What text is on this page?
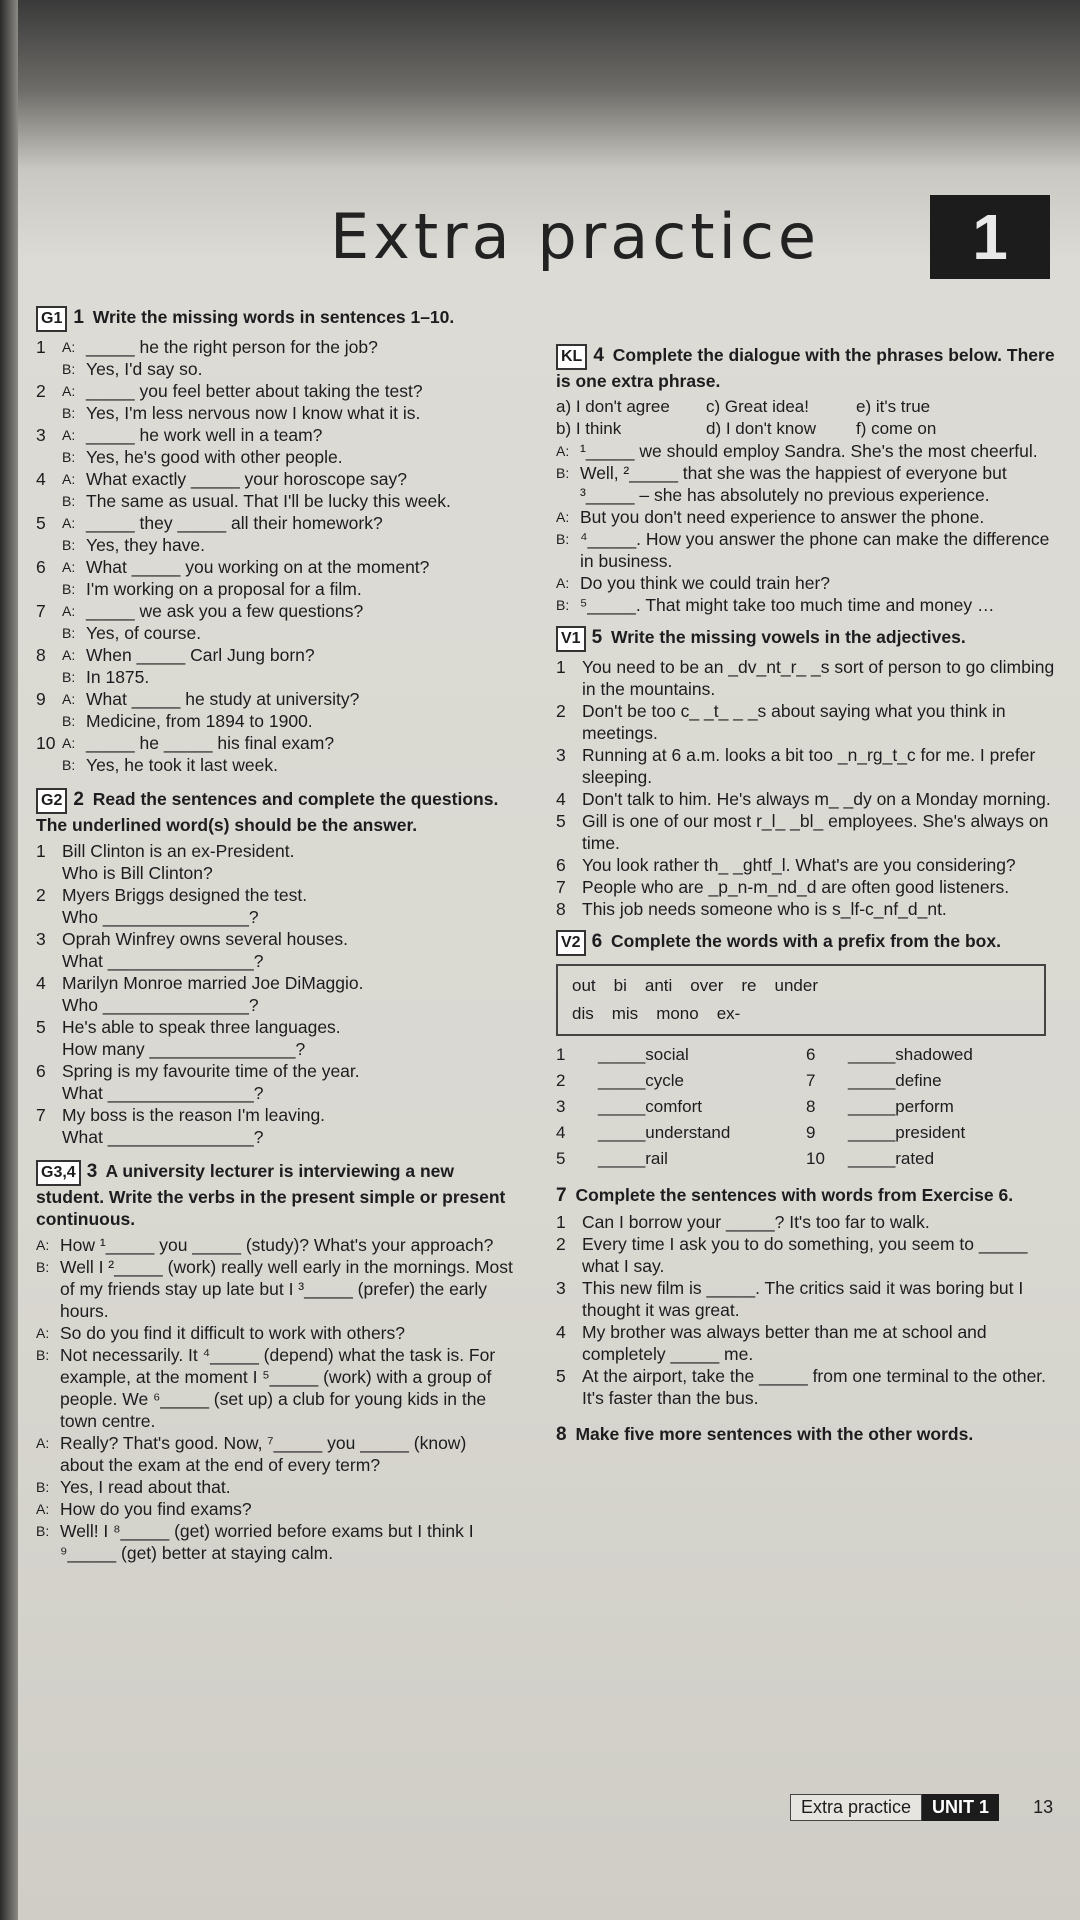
Extra practice	1
G1 1 Write the missing words in sentences 1–10.
1	A: _____ he the right person for the job?
B: Yes, I'd say so.
2	A: _____ you feel better about taking the test?
B: Yes, I'm less nervous now I know what it is.
3	A: _____ he work well in a team?
B: Yes, he's good with other people.
4	A: What exactly _____ your horoscope say?
B: The same as usual. That I'll be lucky this week.
5	A: _____ they _____ all their homework?
B: Yes, they have.
6	A: What _____ you working on at the moment?
B: I'm working on a proposal for a film.
7	A: _____ we ask you a few questions?
B: Yes, of course.
8	A: When _____ Carl Jung born?
B: In 1875.
9	A: What _____ he study at university?
B: Medicine, from 1894 to 1900.
10 A: _____ he _____ his final exam?
B: Yes, he took it last week.
G2 2 Read the sentences and complete the questions. The underlined word(s) should be the answer.
1 Bill Clinton is an ex-President.
Who is Bill Clinton?
2 Myers Briggs designed the test.
Who _______________?
3 Oprah Winfrey owns several houses.
What _______________?
4 Marilyn Monroe married Joe DiMaggio.
Who _______________?
5 He's able to speak three languages.
How many _______________?
6 Spring is my favourite time of the year.
What _______________?
7 My boss is the reason I'm leaving.
What _______________?
G3,4 3 A university lecturer is interviewing a new student. Write the verbs in the present simple or present continuous.
A: How ¹_____ you _____ (study)? What's your approach?
B: Well I ²_____ (work) really well early in the mornings. Most of my friends stay up late but I ³_____ (prefer) the early hours.
A: So do you find it difficult to work with others?
B: Not necessarily. It ⁴_____ (depend) what the task is. For example, at the moment I ⁵_____ (work) with a group of people. We ⁶_____ (set up) a club for young kids in the town centre.
A: Really? That's good. Now, ⁷_____ you _____ (know) about the exam at the end of every term?
B: Yes, I read about that.
A: How do you find exams?
B: Well! I ⁸_____ (get) worried before exams but I think I ⁹_____ (get) better at staying calm.
KL 4 Complete the dialogue with the phrases below. There is one extra phrase.
a) I don't agree	c) Great idea!	e) it's true
b) I think	d) I don't know	f) come on
A: ¹_____ we should employ Sandra. She's the most cheerful.
B: Well, ²_____ that she was the happiest of everyone but ³_____ – she has absolutely no previous experience.
A: But you don't need experience to answer the phone.
B: ⁴_____. How you answer the phone can make the difference in business.
A: Do you think we could train her?
B: ⁵_____. That might take too much time and money …
V1 5 Write the missing vowels in the adjectives.
1 You need to be an _dv_nt_r_ _s sort of person to go climbing in the mountains.
2 Don't be too c_ _t_ _ _s about saying what you think in meetings.
3 Running at 6 a.m. looks a bit too _n_rg_t_c for me. I prefer sleeping.
4 Don't talk to him. He's always m_ _dy on a Monday morning.
5 Gill is one of our most r_l_ _bl_ employees. She's always on time.
6 You look rather th_ _ghtf_l. What's are you considering?
7 People who are _p_n-m_nd_d are often good listeners.
8 This job needs someone who is s_lf-c_nf_d_nt.
V2 6 Complete the words with a prefix from the box.
out bi anti over re under
dis mis mono ex-
1	_____social	6	_____shadowed
2	_____cycle	7	_____define
3	_____comfort	8	_____perform
4	_____understand	9	_____president
5	_____rail	10	_____rated
7 Complete the sentences with words from Exercise 6.
1 Can I borrow your _____? It's too far to walk.
2 Every time I ask you to do something, you seem to _____ what I say.
3 This new film is _____. The critics said it was boring but I thought it was great.
4 My brother was always better than me at school and completely _____ me.
5 At the airport, take the _____ from one terminal to the other. It's faster than the bus.
8 Make five more sentences with the other words.
Extra practice	UNIT 1	13
